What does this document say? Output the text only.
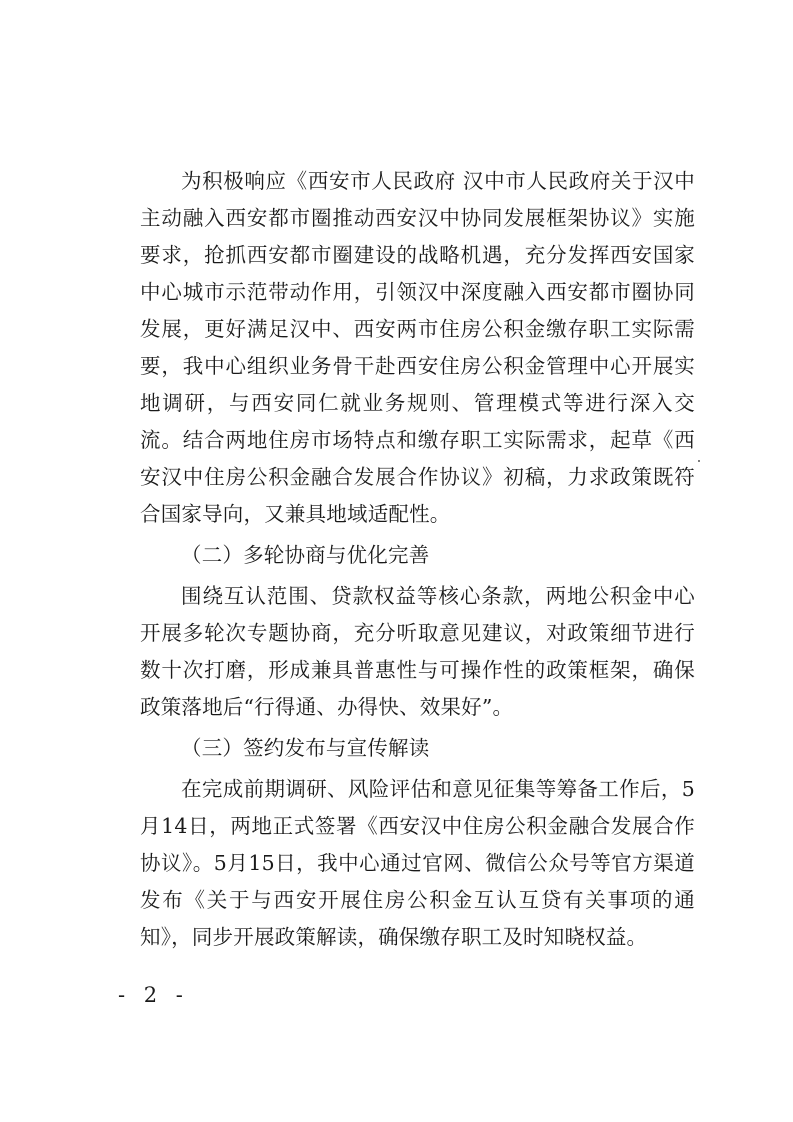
为积极响应《西安市人民政府 汉中市人民政府关于汉中主动融入西安都市圈推动西安汉中协同发展框架协议》实施要求，抢抓西安都市圈建设的战略机遇，充分发挥西安国家中心城市示范带动作用，引领汉中深度融入西安都市圈协同发展，更好满足汉中、西安两市住房公积金缴存职工实际需要，我中心组织业务骨干赴西安住房公积金管理中心开展实地调研，与西安同仁就业务规则、管理模式等进行深入交流。结合两地住房市场特点和缴存职工实际需求，起草《西安汉中住房公积金融合发展合作协议》初稿，力求政策既符合国家导向，又兼具地域适配性。

（二）多轮协商与优化完善

围绕互认范围、贷款权益等核心条款，两地公积金中心开展多轮次专题协商，充分听取意见建议，对政策细节进行数十次打磨，形成兼具普惠性与可操作性的政策框架，确保政策落地后“行得通、办得快、效果好”。

（三）签约发布与宣传解读

在完成前期调研、风险评估和意见征集等筹备工作后，5月14日，两地正式签署《西安汉中住房公积金融合发展合作协议》。5月15日，我中心通过官网、微信公众号等官方渠道发布《关于与西安开展住房公积金互认互贷有关事项的通知》，同步开展政策解读，确保缴存职工及时知晓权益。

- 2 -
